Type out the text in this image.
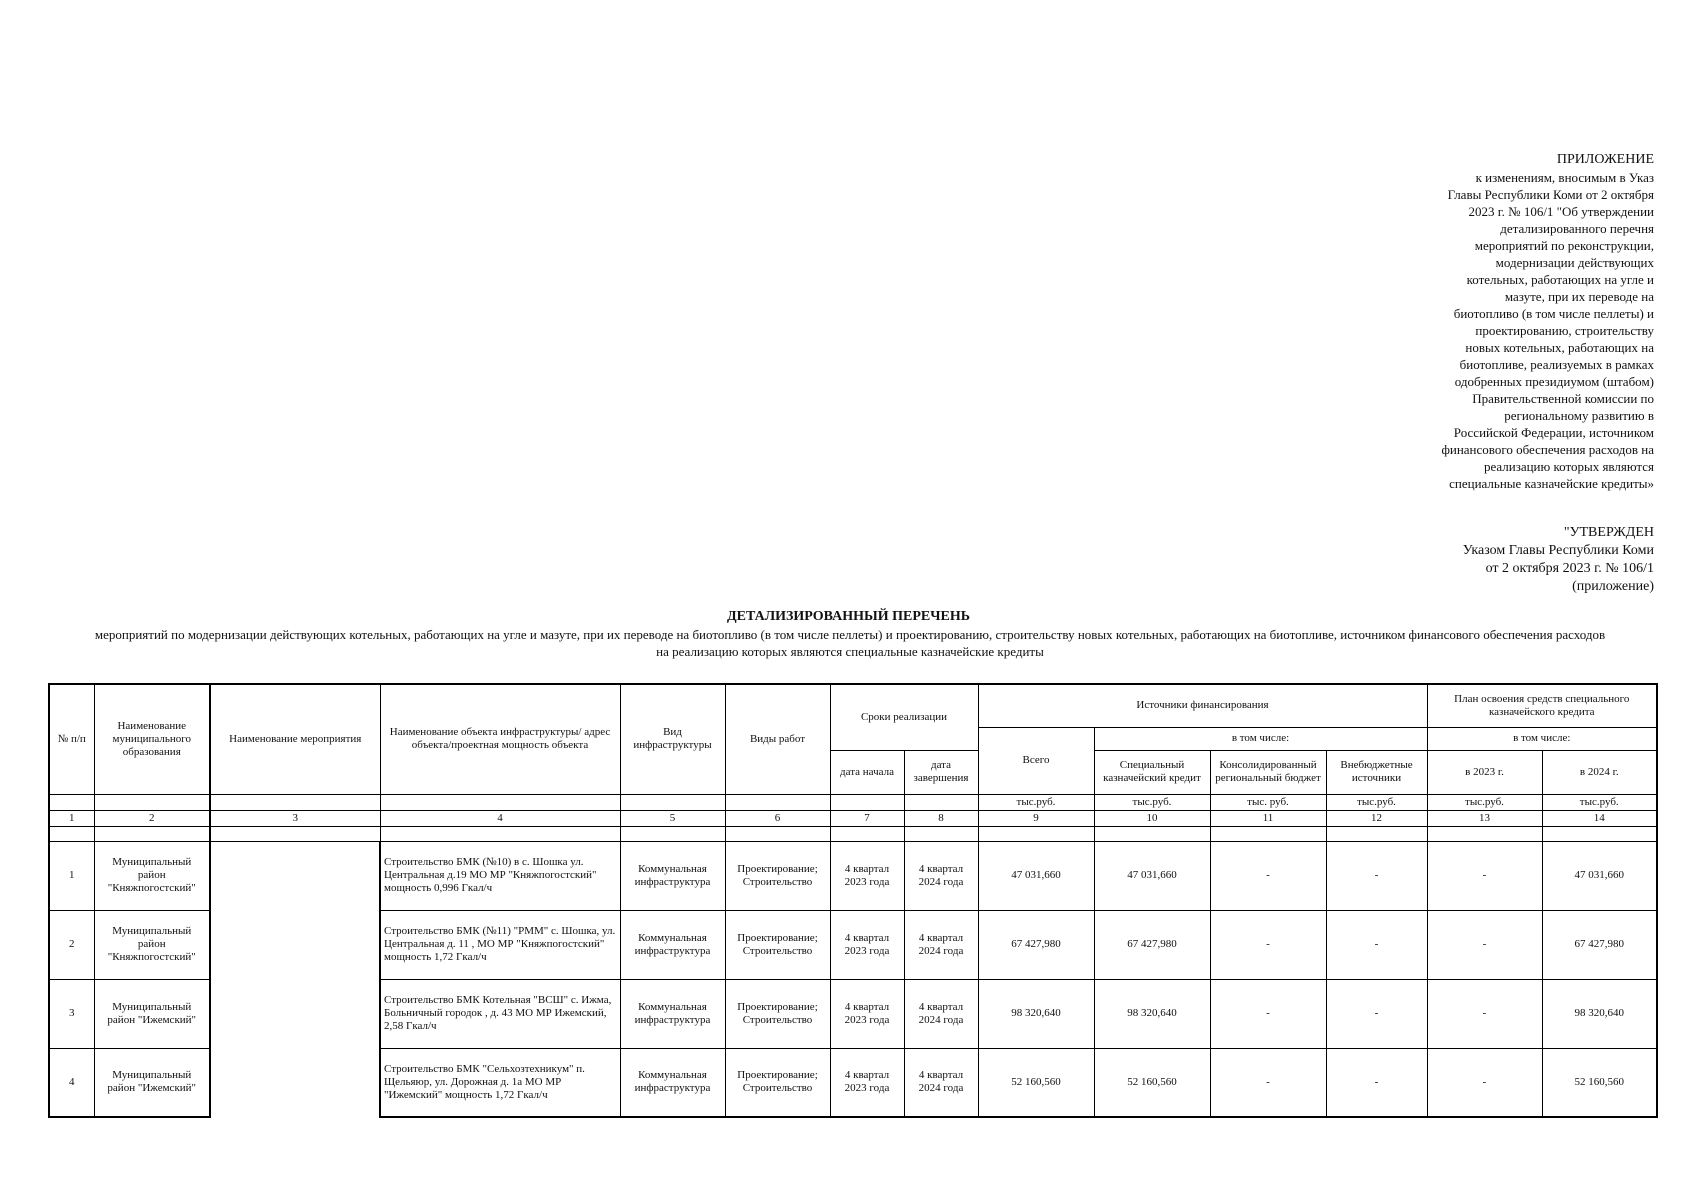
ПРИЛОЖЕНИЕ
к изменениям, вносимым в Указ
Главы Республики Коми от 2 октября
2023 г. № 106/1 "Об утверждении
детализированного перечня
мероприятий по реконструкции,
модернизации действующих
котельных, работающих на угле и
мазуте, при их переводе на
биотопливо (в том числе пеллеты) и
проектированию, строительству
новых котельных, работающих на
биотопливе, реализуемых в рамках
одобренных президиумом (штабом)
Правительственной комиссии по
региональному развитию в
Российской Федерации, источником
финансового обеспечения расходов на
реализацию которых являются
специальные казначейские кредиты»
"УТВЕРЖДЕН
Указом Главы Республики Коми
от 2 октября 2023 г. № 106/1
(приложение)
ДЕТАЛИЗИРОВАННЫЙ ПЕРЕЧЕНЬ
мероприятий по модернизации действующих котельных, работающих на угле и мазуте, при их переводе на биотопливо (в том числе пеллеты) и проектированию, строительству новых котельных, работающих на биотопливе, источником финансового обеспечения расходов
на реализацию которых являются специальные казначейские кредиты
№ п/п	Наименование муниципального образования	Наименование мероприятия	Наименование объекта инфраструктуры/ адрес объекта/проектная мощность объекта	Вид инфраструктуры	Виды работ	Сроки реализации		Источники финансирования				План освоения средств специального казначейского кредита	
								Всего	в том числе:			в том числе:	
						дата начала	дата завершения		Специальный казначейский кредит	Консолидированный региональный бюджет	Внебюджетные источники	в 2023 г.	в 2024 г.

								тыс.руб.	тыс.руб.	тыс. руб.	тыс.руб.	тыс.руб.	тыс.руб.
1	2	3	4	5	6	7	8	9	10	11	12	13	14

1	Муниципальный район "Княжпогостский"		Строительство БМК (№10) в с. Шошка ул. Центральная д.19 МО МР "Княжпогостский" мощность 0,996 Гкал/ч	Коммунальная инфраструктура	Проектирование; Строительство	4 квартал 2023 года	4 квартал 2024 года	47 031,660	47 031,660	-	-	-	47 031,660
2	Муниципальный район "Княжпогостский"		Строительство БМК (№11) "РММ" с. Шошка, ул. Центральная д. 11 , МО МР "Княжпогостский" мощность 1,72 Гкал/ч	Коммунальная инфраструктура	Проектирование; Строительство	4 квартал 2023 года	4 квартал 2024 года	67 427,980	67 427,980	-	-	-	67 427,980
3	Муниципальный район "Ижемский"		Строительство БМК Котельная "ВСШ" с. Ижма, Больничный городок , д. 43 МО МР Ижемский, 2,58 Гкал/ч	Коммунальная инфраструктура	Проектирование; Строительство	4 квартал 2023 года	4 квартал 2024 года	98 320,640	98 320,640	-	-	-	98 320,640
4	Муниципальный район "Ижемский"		Строительство БМК "Сельхозтехникум" п. Щельяюр, ул. Дорожная д. 1а МО МР "Ижемский" мощность 1,72 Гкал/ч	Коммунальная инфраструктура	Проектирование; Строительство	4 квартал 2023 года	4 квартал 2024 года	52 160,560	52 160,560	-	-	-	52 160,560
